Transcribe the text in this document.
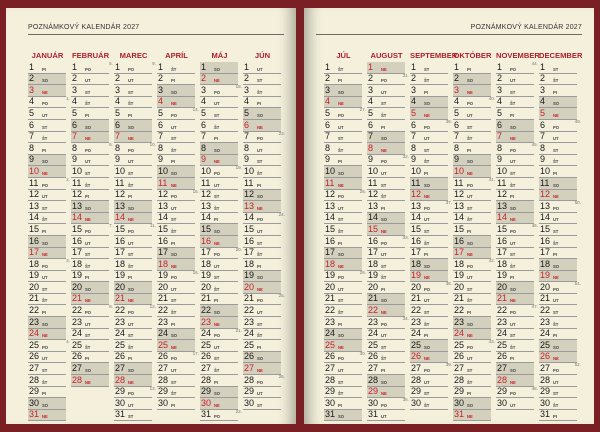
POZNÁMKOVÝ KALENDÁR 2027
JANUÁR
1 PI
2 SO
3 NE
4 PO
1.
5 UT
6 ST
7 ŠT
8 PI
9 SO
10 NE
11 PO
2.
12 UT
13 ST
14 ŠT
15 PI
16 SO
17 NE
18 PO
3.
19 UT
20 ST
21 ŠT
22 PI
23 SO
24 NE
25 PO
4.
26 UT
27 ST
28 ŠT
29 PI
30 SO
31 NE
FEBRUÁR
1 PO
5.
2 UT
3 ST
4 ŠT
5 PI
6 SO
7 NE
8 PO
6.
9 UT
10 ST
11 ŠT
12 PI
13 SO
14 NE
15 PO
7.
16 UT
17 ST
18 ŠT
19 PI
20 SO
21 NE
22 PO
8.
23 UT
24 ST
25 ŠT
26 PI
27 SO
28 NE
MAREC
1 PO
9.
2 UT
3 ST
4 ŠT
5 PI
6 SO
7 NE
8 PO
10.
9 UT
10 ST
11 ŠT
12 PI
13 SO
14 NE
15 PO
11.
16 UT
17 ST
18 ŠT
19 PI
20 SO
21 NE
22 PO
12.
23 UT
24 ST
25 ŠT
26 PI
27 SO
28 NE
29 PO
13.
30 UT
31 ST
APRÍL
1 ŠT
2 PI
3 SO
4 NE
5 PO
14.
6 UT
7 ST
8 ŠT
9 PI
10 SO
11 NE
12 PO
15.
13 UT
14 ST
15 ŠT
16 PI
17 SO
18 NE
19 PO
16.
20 UT
21 ST
22 ŠT
23 PI
24 SO
25 NE
26 PO
17.
27 UT
28 ST
29 ŠT
30 PI
MÁJ
1 SO
2 NE
3 PO
18.
4 UT
5 ST
6 ŠT
7 PI
8 SO
9 NE
10 PO
19.
11 UT
12 ST
13 ŠT
14 PI
15 SO
16 NE
17 PO
20.
18 UT
19 ST
20 ŠT
21 PI
22 SO
23 NE
24 PO
21.
25 UT
26 ST
27 ŠT
28 PI
29 SO
30 NE
31 PO
22.
JÚN
1 UT
2 ST
3 ŠT
4 PI
5 SO
6 NE
7 PO
23.
8 UT
9 ST
10 ŠT
11 PI
12 SO
13 NE
14 PO
24.
15 UT
16 ST
17 ŠT
18 PI
19 SO
20 NE
21 PO
25.
22 UT
23 ST
24 ŠT
25 PI
26 SO
27 NE
28 PO
26.
29 UT
30 ST
POZNÁMKOVÝ KALENDÁR 2027
JÚL
1 ŠT
2 PI
3 SO
4 NE
5 PO
27.
6 UT
7 ST
8 ŠT
9 PI
10 SO
11 NE
12 PO
28.
13 UT
14 ST
15 ŠT
16 PI
17 SO
18 NE
19 PO
29.
20 UT
21 ST
22 ŠT
23 PI
24 SO
25 NE
26 PO
30.
27 UT
28 ST
29 ŠT
30 PI
31 SO
AUGUST
1 NE
2 PO
31.
3 UT
4 ST
5 ŠT
6 PI
7 SO
8 NE
9 PO
32.
10 UT
11 ST
12 ŠT
13 PI
14 SO
15 NE
16 PO
33.
17 UT
18 ST
19 ŠT
20 PI
21 SO
22 NE
23 PO
34.
24 UT
25 ST
26 ŠT
27 PI
28 SO
29 NE
30 PO
35.
31 UT
SEPTEMBER
1 ST
2 ŠT
3 PI
4 SO
5 NE
6 PO
36.
7 UT
8 ST
9 ŠT
10 PI
11 SO
12 NE
13 PO
37.
14 UT
15 ST
16 ŠT
17 PI
18 SO
19 NE
20 PO
38.
21 UT
22 ST
23 ŠT
24 PI
25 SO
26 NE
27 PO
39.
28 UT
29 ST
30 ŠT
OKTÓBER
1 PI
2 SO
3 NE
4 PO
40.
5 UT
6 ST
7 ŠT
8 PI
9 SO
10 NE
11 PO
41.
12 UT
13 ST
14 ŠT
15 PI
16 SO
17 NE
18 PO
42.
19 UT
20 ST
21 ŠT
22 PI
23 SO
24 NE
25 PO
43.
26 UT
27 ST
28 ŠT
29 PI
30 SO
31 NE
NOVEMBER
1 PO
44.
2 UT
3 ST
4 ŠT
5 PI
6 SO
7 NE
8 PO
45.
9 UT
10 ST
11 ŠT
12 PI
13 SO
14 NE
15 PO
46.
16 UT
17 ST
18 ŠT
19 PI
20 SO
21 NE
22 PO
47.
23 UT
24 ST
25 ŠT
26 PI
27 SO
28 NE
29 PO
48.
30 UT
DECEMBER
1 ST
2 ŠT
3 PI
4 SO
5 NE
6 PO
49.
7 UT
8 ST
9 ŠT
10 PI
11 SO
12 NE
13 PO
50.
14 UT
15 ST
16 ŠT
17 PI
18 SO
19 NE
20 PO
51.
21 UT
22 ST
23 ŠT
24 PI
25 SO
26 NE
27 PO
52.
28 UT
29 ST
30 ŠT
31 PI
